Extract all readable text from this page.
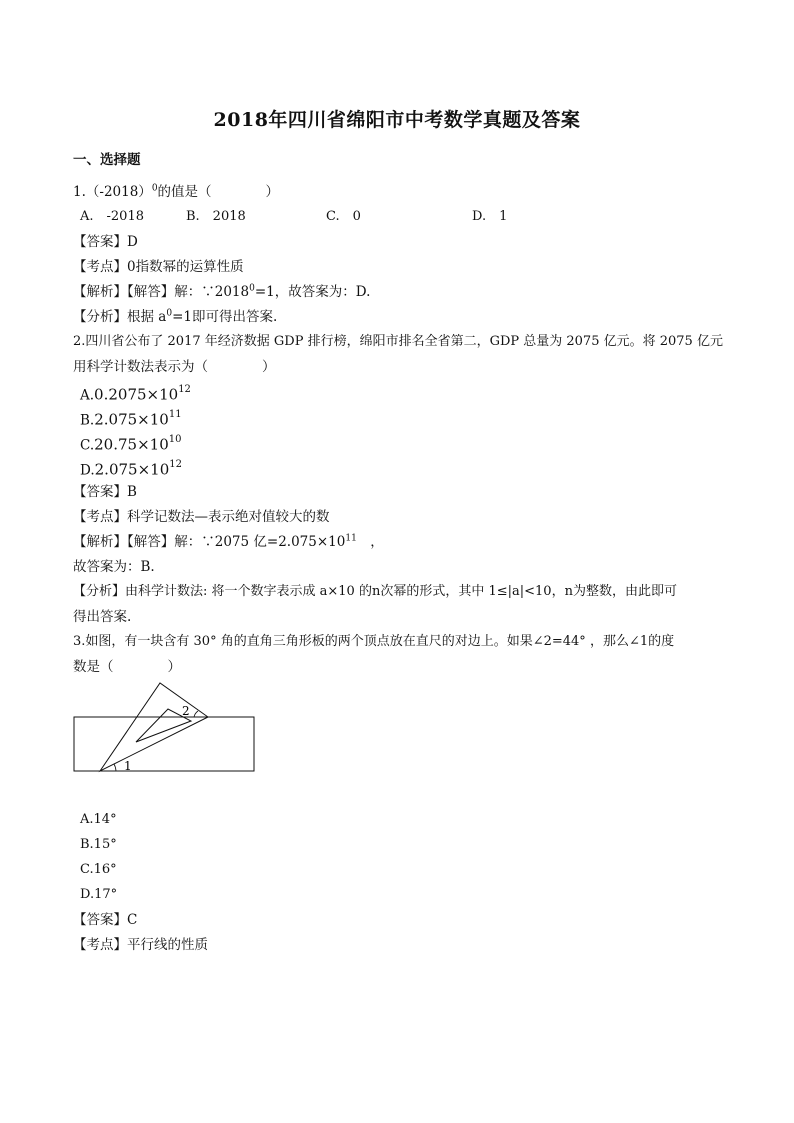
2018年四川省绵阳市中考数学真题及答案
一、选择题
$1.(-2018)^0$的值是（　　　　）
A.　-2018	B.　2018	C.　0	D.　1
【答案】D
【考点】0指数幂的运算性质
【解析】【解答】解：$\because 2018^0=1$，故答案为：D.
【分析】根据 $a^0=1$即可得出答案.
2.四川省公布了 2017 年经济数据 GDP 排行榜，绵阳市排名全省第二，GDP 总量为 2075 亿元。将 2075 亿元
用科学计数法表示为（　　　　）
$A.0.2075\times 10^{12}$
$B.2.075\times 10^{11}$
$C.20.75\times 10^{10}$
$D.2.075\times 10^{12}$
【答案】B
【考点】科学记数法—表示绝对值较大的数
【解析】【解答】解：∵2075 亿$=2.075\times 10^{11}$　，
故答案为：B.
【分析】由科学计数法: 将一个数字表示成 a×10 的n次幂的形式，其中 1≤|a|<10，n为整数，由此即可
得出答案.
3.如图，有一块含有 30° 角的直角三角形板的两个顶点放在直尺的对边上。如果∠2=44° ，那么∠1的度
数是（　　　　）
1
2
A.14°
B.15°
C.16°
D.17°
【答案】C
【考点】平行线的性质
